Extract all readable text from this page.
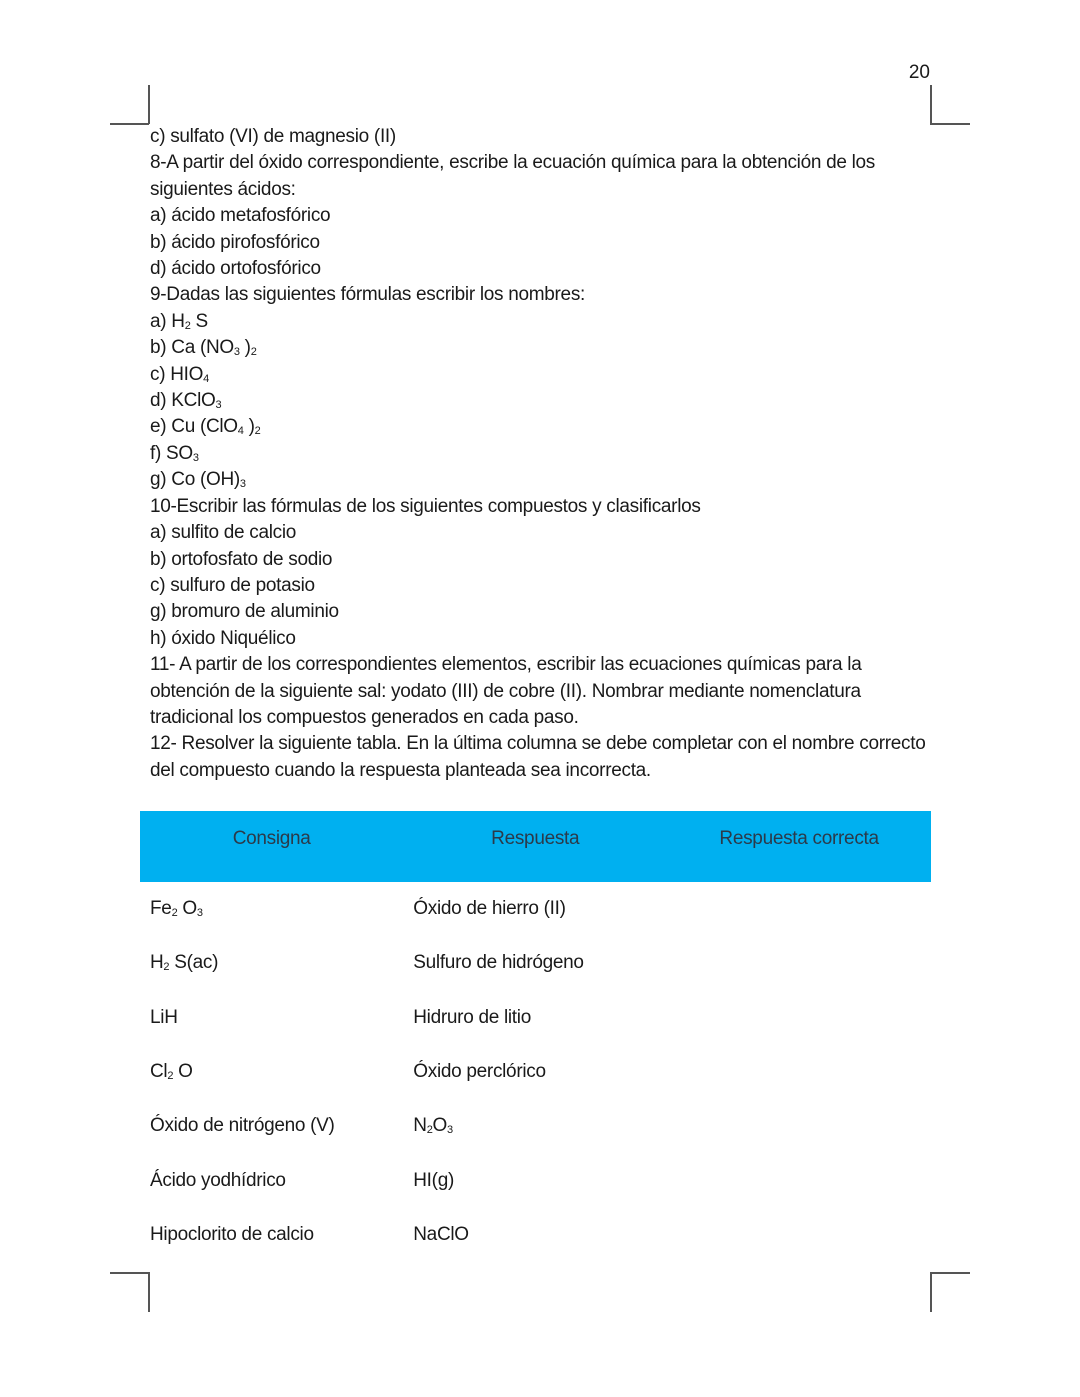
20

c) sulfato (VI) de magnesio (II)

8-A partir del óxido correspondiente, escribe la ecuación química para la obtención de los

siguientes ácidos:

a) ácido metafosfórico

b) ácido pirofosfórico

d) ácido ortofosfórico

9-Dadas las siguientes fórmulas escribir los nombres:

a) $H_2$ S

b) Ca ($NO_3$ )$_2$

c) $HIO_4$

d) KClO$_3$

e) Cu (ClO$_4$ )$_2$

f) $SO_3$

g) Co $(OH)_3$

10-Escribir las fórmulas de los siguientes compuestos y clasificarlos

a) sulfito de calcio

b) ortofosfato de sodio

c) sulfuro de potasio

g) bromuro de aluminio

h) óxido Niquélico

11- A partir de los correspondientes elementos, escribir las ecuaciones químicas para la

obtención de la siguiente sal: yodato (III) de cobre (II). Nombrar mediante nomenclatura

tradicional los compuestos generados en cada paso.

12- Resolver la siguiente tabla. En la última columna se debe completar con el nombre correcto

del compuesto cuando la respuesta planteada sea incorrecta.

Consigna	Respuesta	Respuesta correcta
$Fe_2$ $O_3$	Óxido de hierro (II)	
$H_2$ S(ac)	Sulfuro de hidrógeno	
LiH	Hidruro de litio	
$Cl_2$ O	Óxido perclórico	
Óxido de nitrógeno (V)	$N_2O_3$	
Ácido yodhídrico	HI(g)	
Hipoclorito de calcio	NaClO	
